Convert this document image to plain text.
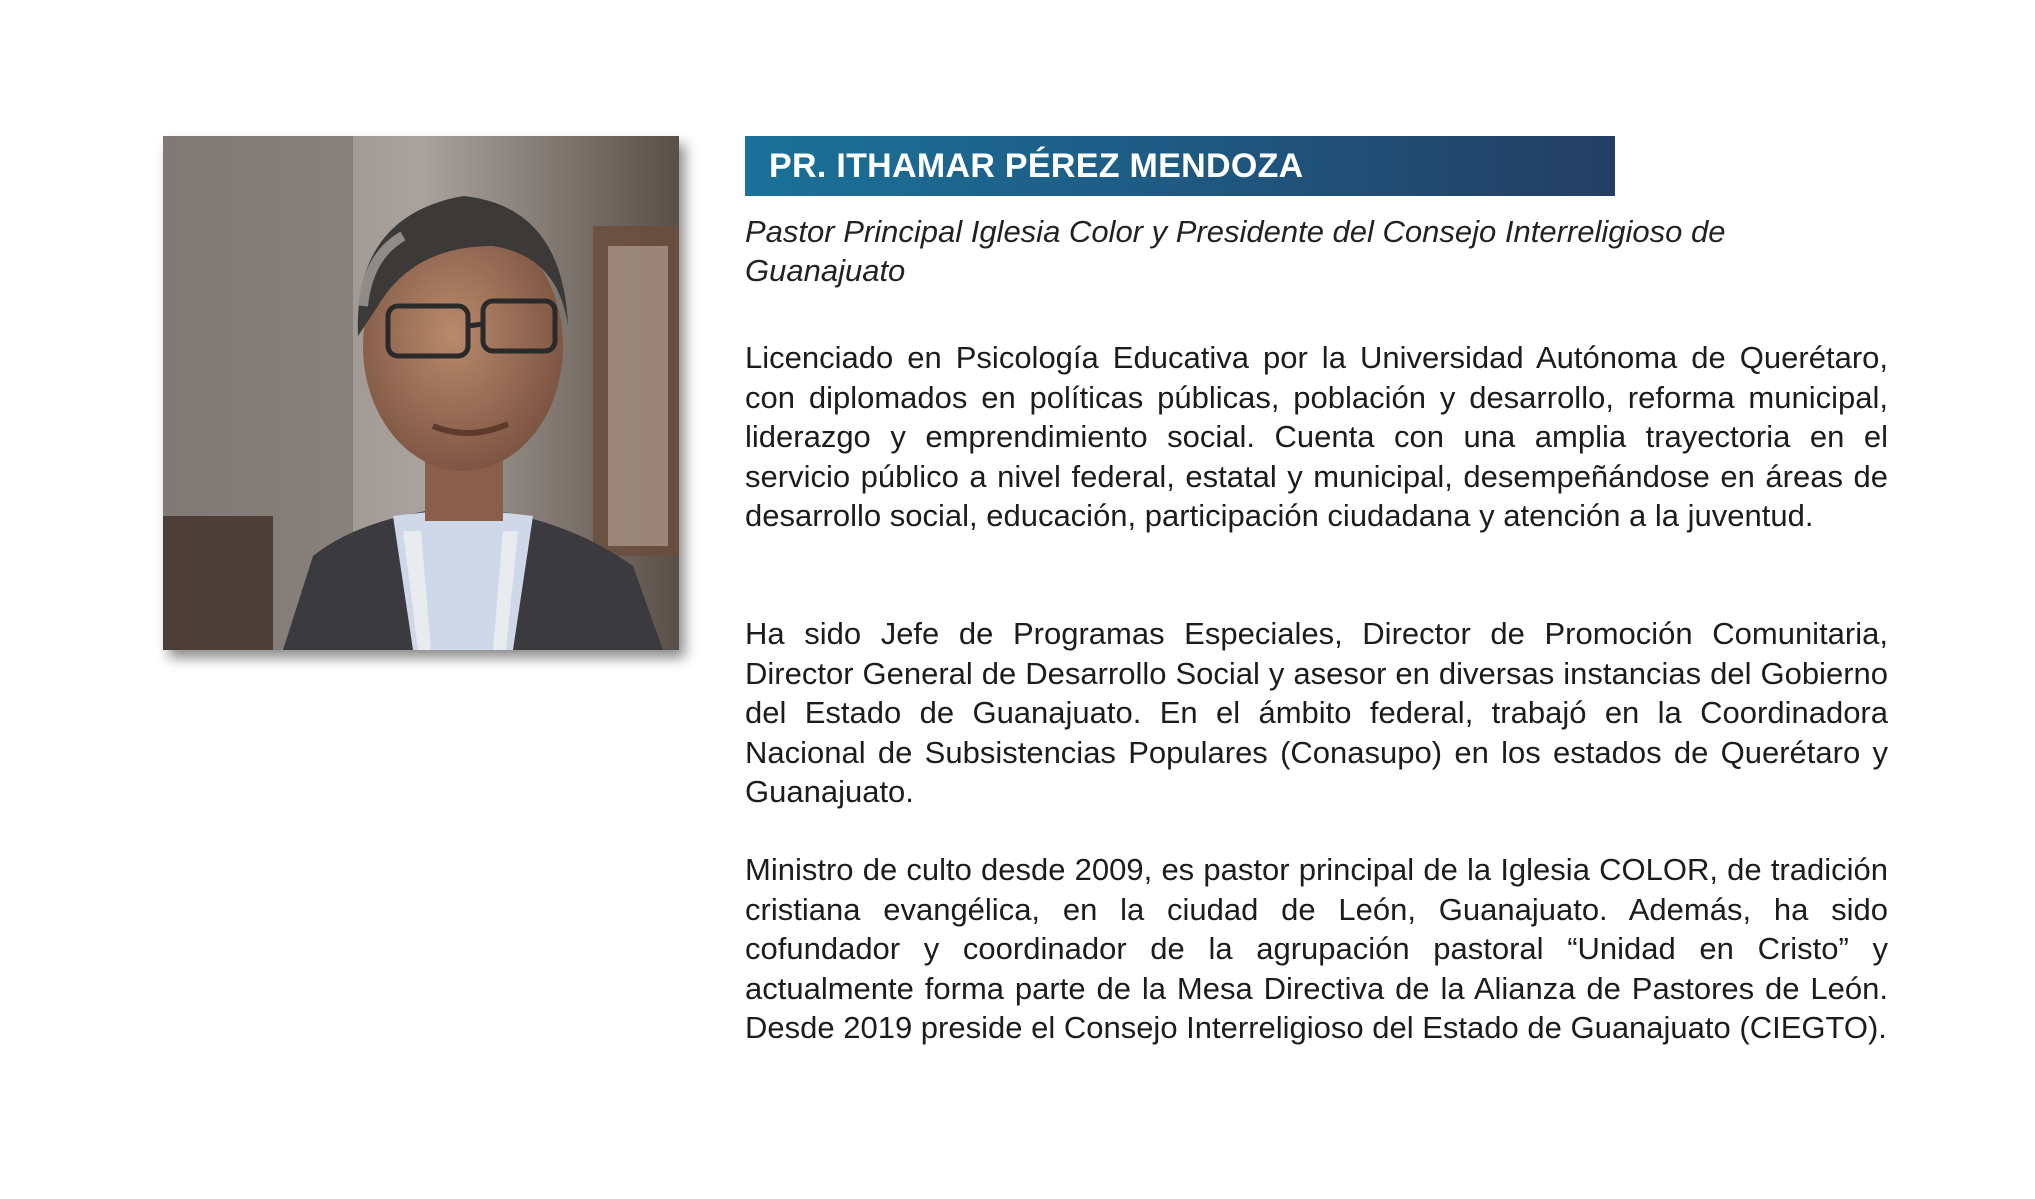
PR. ITHAMAR PÉREZ MENDOZA
Pastor Principal Iglesia Color y Presidente del Consejo Interreligioso de Guanajuato

Licenciado en Psicología Educativa por la Universidad Autónoma de Querétaro, con diplomados en políticas públicas, población y desarrollo, reforma municipal, liderazgo y emprendimiento social. Cuenta con una amplia trayectoria en el servicio público a nivel federal, estatal y municipal, desempeñándose en áreas de desarrollo social, educación, participación ciudadana y atención a la juventud.

Ha sido Jefe de Programas Especiales, Director de Promoción Comunitaria, Director General de Desarrollo Social y asesor en diversas instancias del Gobierno del Estado de Guanajuato. En el ámbito federal, trabajó en la Coordinadora Nacional de Subsistencias Populares (Conasupo) en los estados de Querétaro y Guanajuato.

Ministro de culto desde 2009, es pastor principal de la Iglesia COLOR, de tradición cristiana evangélica, en la ciudad de León, Guanajuato. Además, ha sido cofundador y coordinador de la agrupación pastoral “Unidad en Cristo” y actualmente forma parte de la Mesa Directiva de la Alianza de Pastores de León. Desde 2019 preside el Consejo Interreligioso del Estado de Guanajuato (CIEGTO).
